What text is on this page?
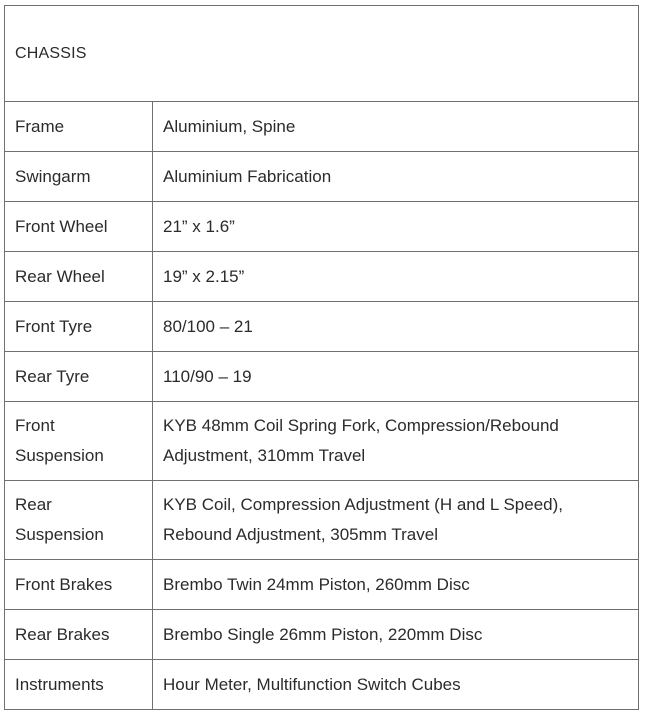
CHASSIS	
Frame	Aluminium, Spine
Swingarm	Aluminium Fabrication
Front Wheel	21” x 1.6”
Rear Wheel	19” x 2.15”
Front Tyre	80/100 – 21
Rear Tyre	110/90 – 19
Front Suspension	KYB 48mm Coil Spring Fork, Compression/Rebound Adjustment, 310mm Travel
Rear Suspension	KYB Coil, Compression Adjustment (H and L Speed), Rebound Adjustment, 305mm Travel
Front Brakes	Brembo Twin 24mm Piston, 260mm Disc
Rear Brakes	Brembo Single 26mm Piston, 220mm Disc
Instruments	Hour Meter, Multifunction Switch Cubes
